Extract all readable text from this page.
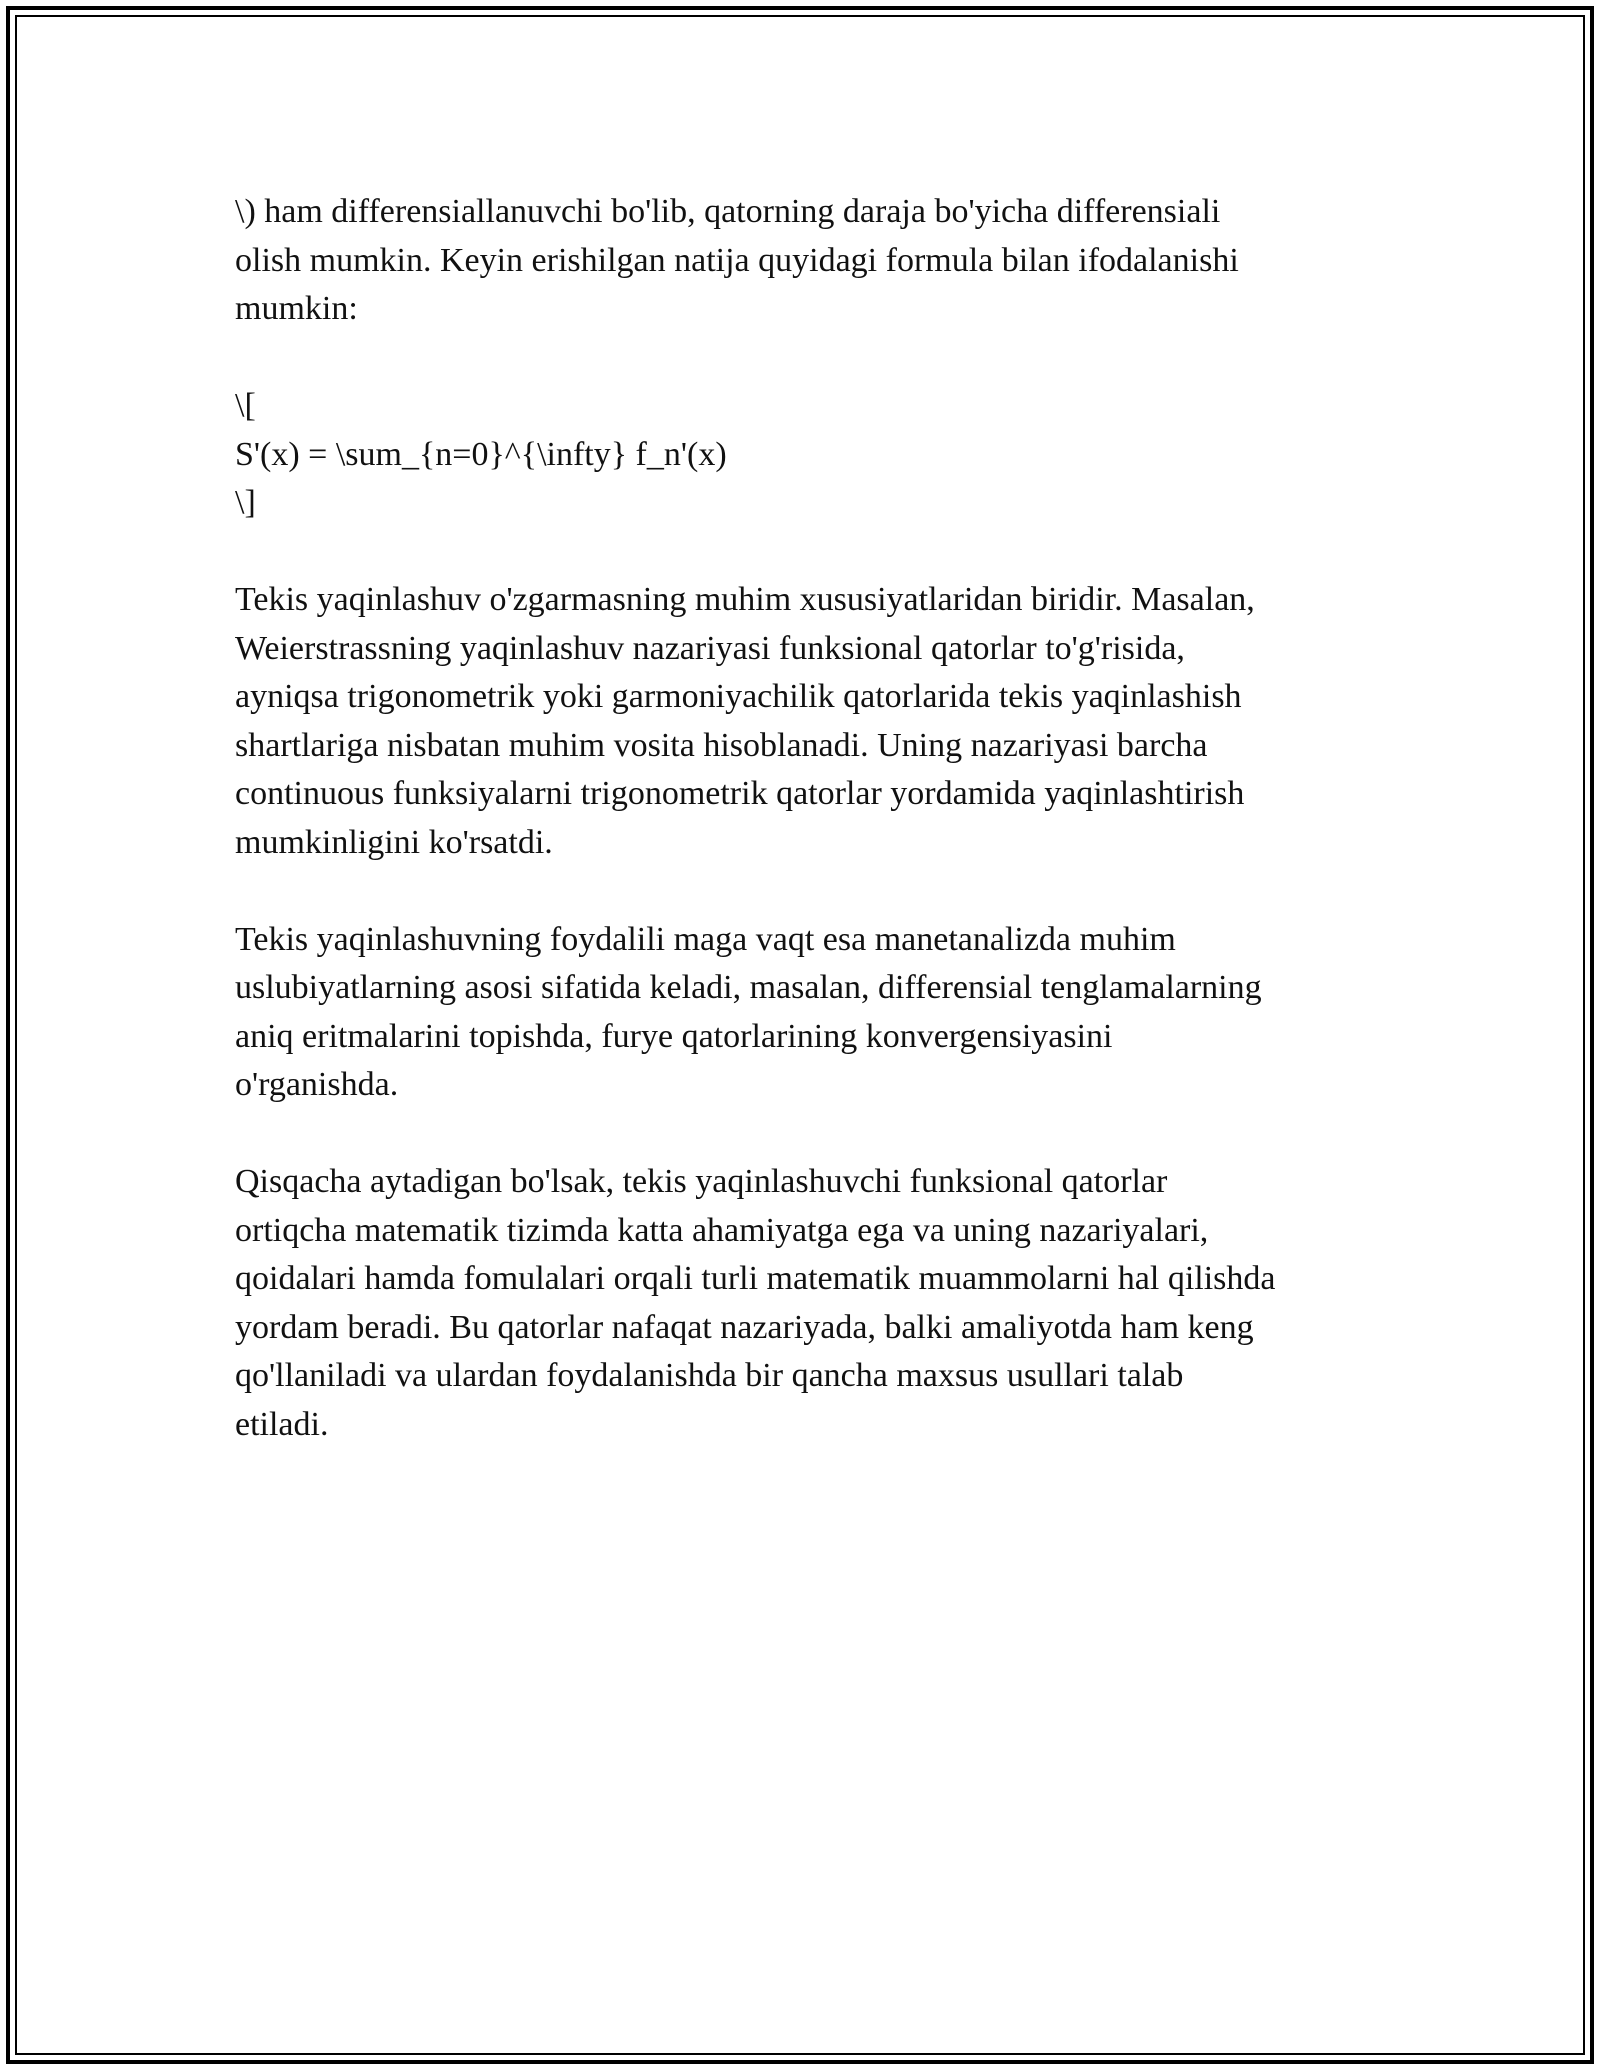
\) ham differensiallanuvchi bo'lib, qatorning daraja bo'yicha differensiali
olish mumkin. Keyin erishilgan natija quyidagi formula bilan ifodalanishi
mumkin:
\[
S'(x) = \sum_{n=0}^{\infty} f_n'(x)
\]
Tekis yaqinlashuv o'zgarmasning muhim xususiyatlaridan biridir. Masalan,
Weierstrassning yaqinlashuv nazariyasi funksional qatorlar to'g'risida,
ayniqsa trigonometrik yoki garmoniyachilik qatorlarida tekis yaqinlashish
shartlariga nisbatan muhim vosita hisoblanadi. Uning nazariyasi barcha
continuous funksiyalarni trigonometrik qatorlar yordamida yaqinlashtirish
mumkinligini ko'rsatdi.
Tekis yaqinlashuvning foydalili maga vaqt esa manetanalizda muhim
uslubiyatlarning asosi sifatida keladi, masalan, differensial tenglamalarning
aniq eritmalarini topishda, furye qatorlarining konvergensiyasini
o'rganishda.
Qisqacha aytadigan bo'lsak, tekis yaqinlashuvchi funksional qatorlar
ortiqcha matematik tizimda katta ahamiyatga ega va uning nazariyalari,
qoidalari hamda fomulalari orqali turli matematik muammolarni hal qilishda
yordam beradi. Bu qatorlar nafaqat nazariyada, balki amaliyotda ham keng
qo'llaniladi va ulardan foydalanishda bir qancha maxsus usullari talab
etiladi.
